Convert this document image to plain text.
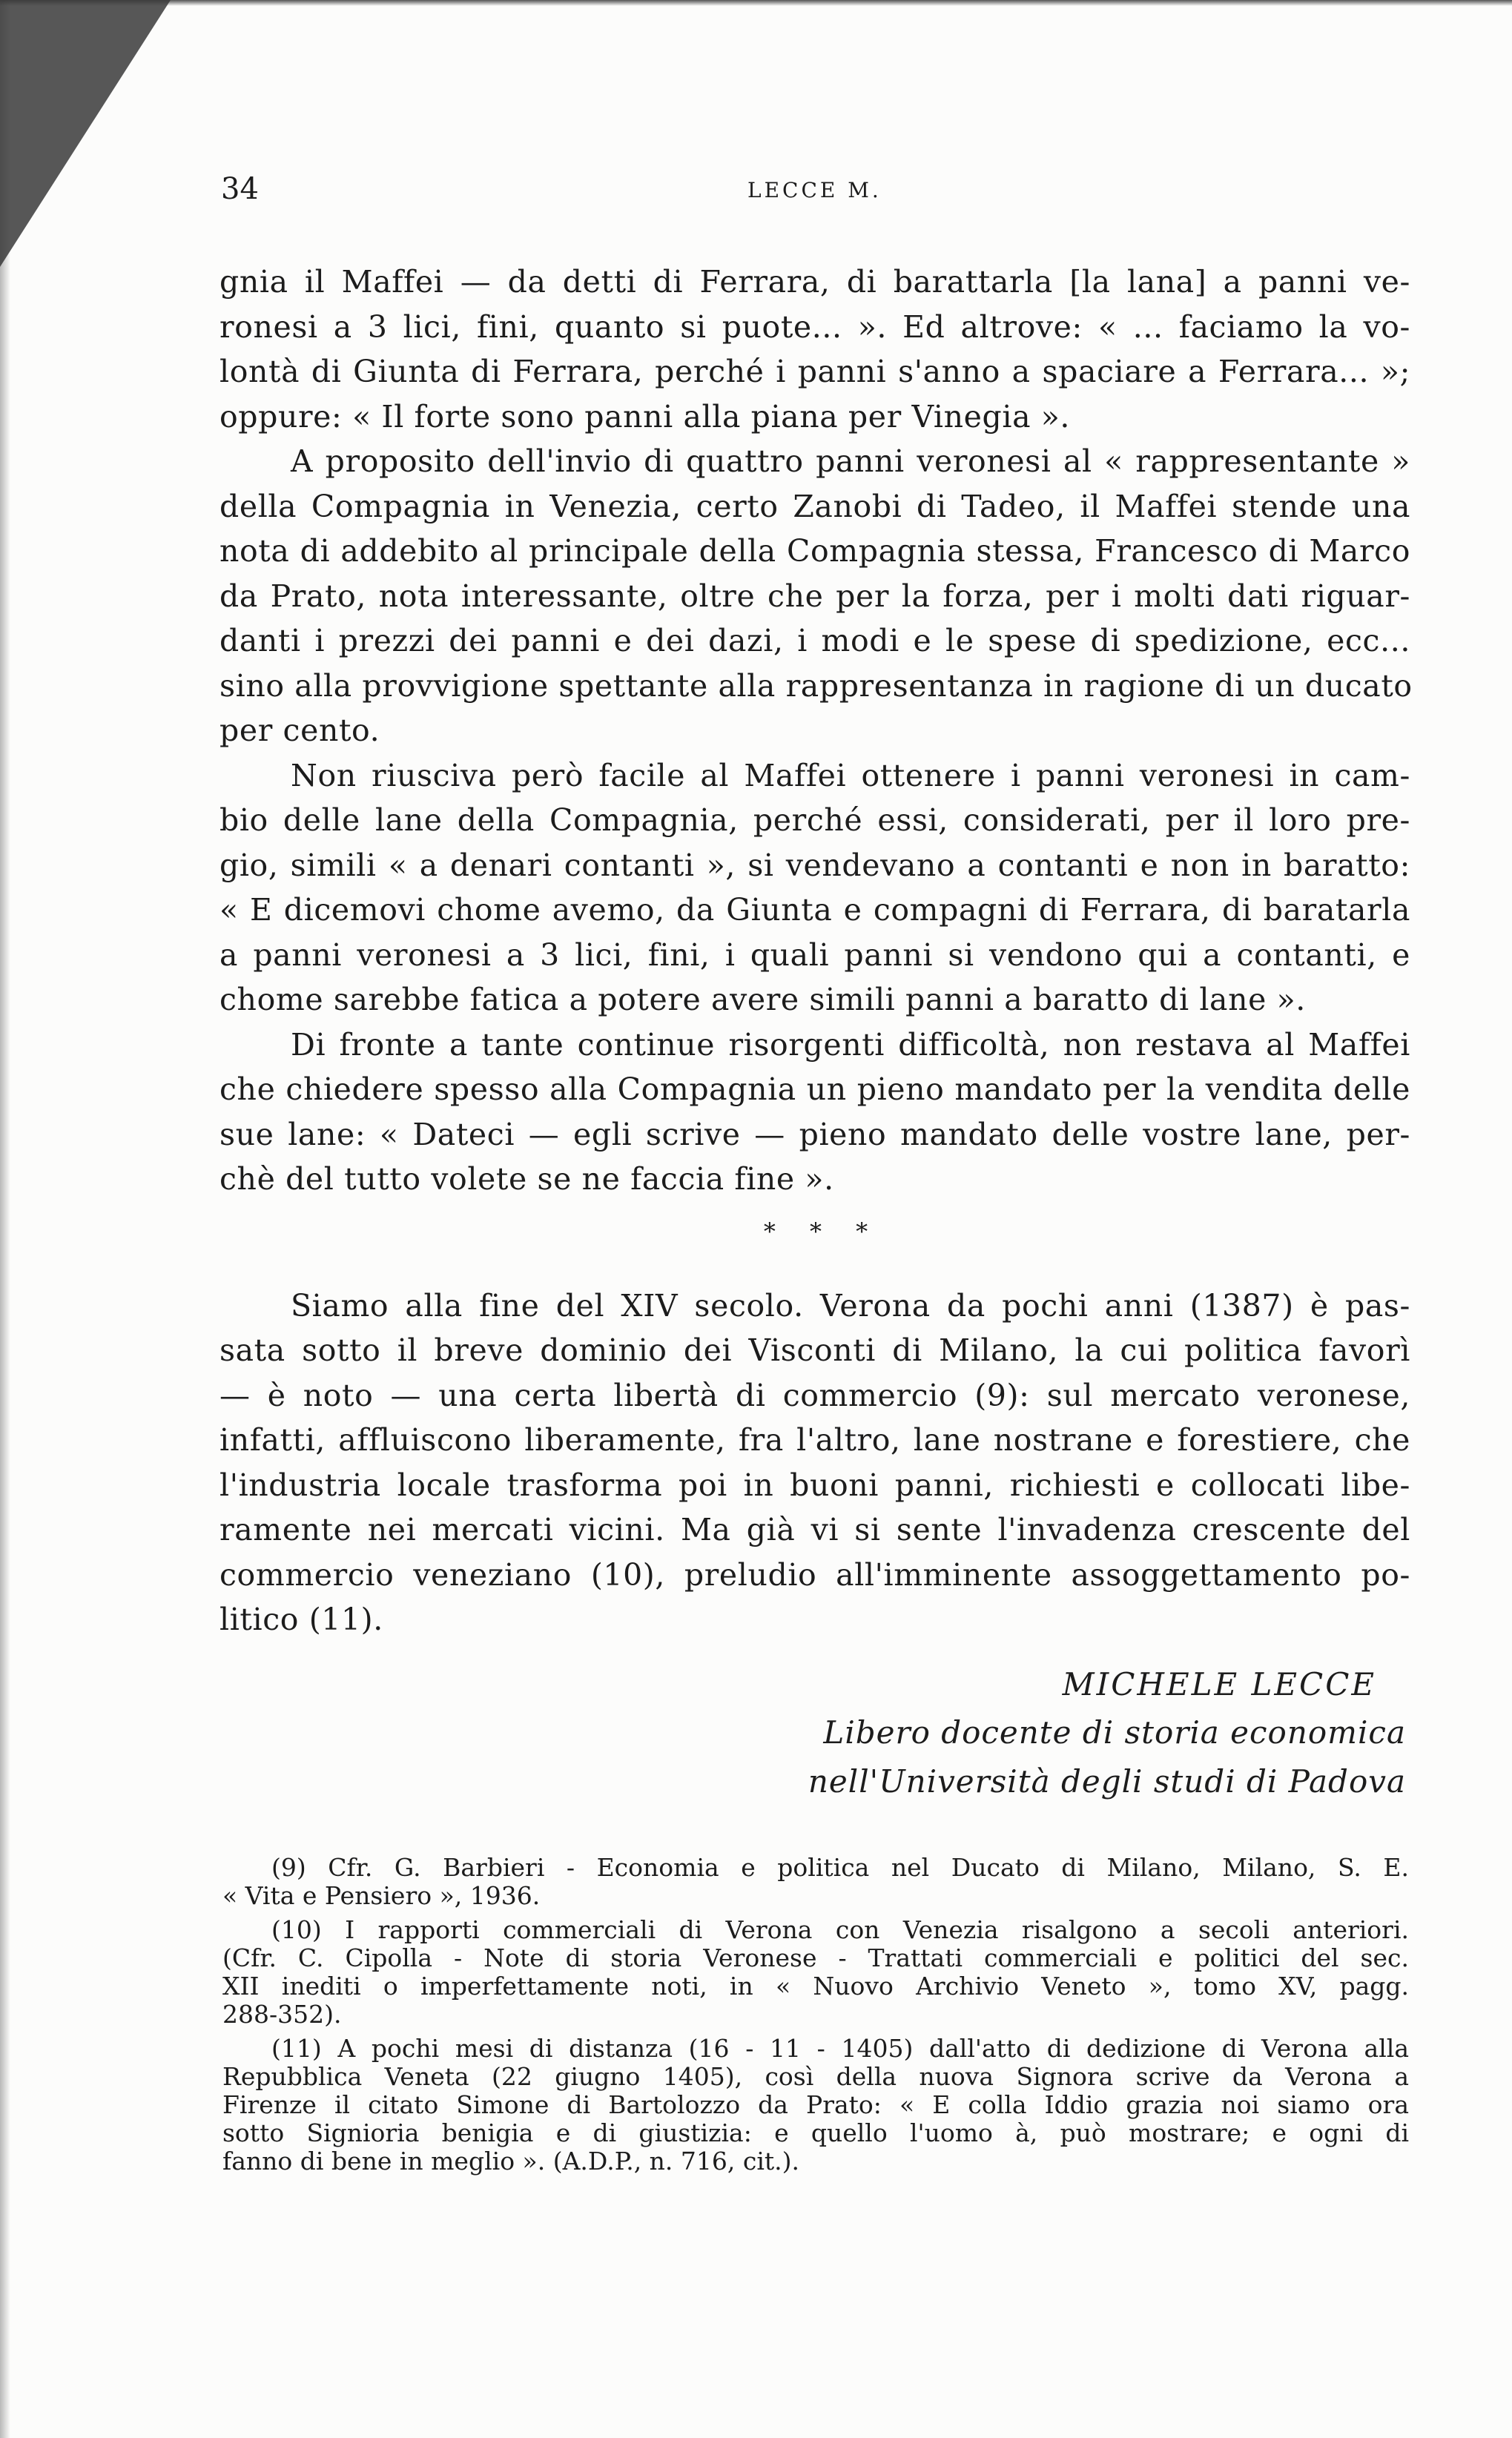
34	LECCE M.
gnia il Maffei — da detti di Ferrara, di barattarla [la lana] a panni ve-
ronesi a 3 lici, fini, quanto si puote... ». Ed altrove: « ... faciamo la vo-
lontà di Giunta di Ferrara, perché i panni s'anno a spaciare a Ferrara... »;
oppure: « Il forte sono panni alla piana per Vinegia ».
A proposito dell'invio di quattro panni veronesi al « rappresentante »
della Compagnia in Venezia, certo Zanobi di Tadeo, il Maffei stende una
nota di addebito al principale della Compagnia stessa, Francesco di Marco
da Prato, nota interessante, oltre che per la forza, per i molti dati riguar-
danti i prezzi dei panni e dei dazi, i modi e le spese di spedizione, ecc...
sino alla provvigione spettante alla rappresentanza in ragione di un ducato
per cento.
Non riusciva però facile al Maffei ottenere i panni veronesi in cam-
bio delle lane della Compagnia, perché essi, considerati, per il loro pre-
gio, simili « a denari contanti », si vendevano a contanti e non in baratto:
« E dicemovi chome avemo, da Giunta e compagni di Ferrara, di baratarla
a panni veronesi a 3 lici, fini, i quali panni si vendono qui a contanti, e
chome sarebbe fatica a potere avere simili panni a baratto di lane ».
Di fronte a tante continue risorgenti difficoltà, non restava al Maffei
che chiedere spesso alla Compagnia un pieno mandato per la vendita delle
sue lane: « Dateci — egli scrive — pieno mandato delle vostre lane, per-
chè del tutto volete se ne faccia fine ».
* * *
Siamo alla fine del XIV secolo. Verona da pochi anni (1387) è pas-
sata sotto il breve dominio dei Visconti di Milano, la cui politica favorì
— è noto — una certa libertà di commercio (9): sul mercato veronese,
infatti, affluiscono liberamente, fra l'altro, lane nostrane e forestiere, che
l'industria locale trasforma poi in buoni panni, richiesti e collocati libe-
ramente nei mercati vicini. Ma già vi si sente l'invadenza crescente del
commercio veneziano (10), preludio all'imminente assoggettamento po-
litico (11).
MICHELE LECCE
Libero docente di storia economica
nell'Università degli studi di Padova
(9) Cfr. G. Barbieri - Economia e politica nel Ducato di Milano, Milano, S. E.
« Vita e Pensiero », 1936.
(10) I rapporti commerciali di Verona con Venezia risalgono a secoli anteriori.
(Cfr. C. Cipolla - Note di storia Veronese - Trattati commerciali e politici del sec.
XII inediti o imperfettamente noti, in « Nuovo Archivio Veneto », tomo XV, pagg.
288-352).
(11) A pochi mesi di distanza (16 - 11 - 1405) dall'atto di dedizione di Verona alla
Repubblica Veneta (22 giugno 1405), così della nuova Signora scrive da Verona a
Firenze il citato Simone di Bartolozzo da Prato: « E colla Iddio grazia noi siamo ora
sotto Signioria benigia e di giustizia: e quello l'uomo à, può mostrare; e ogni di
fanno di bene in meglio ». (A.D.P., n. 716, cit.).
